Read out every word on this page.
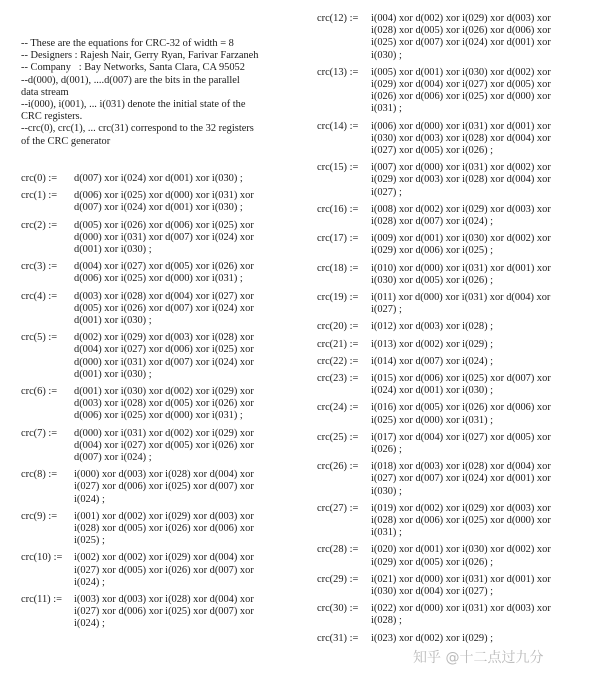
-- These are the equations for CRC-32 of width = 8

-- Designers : Rajesh Nair, Gerry Ryan, Farivar Farzaneh

-- Company   : Bay Networks, Santa Clara, CA 95052

--d(000), d(001), ....d(007) are the bits in the parallel

data stream

--i(000), i(001), ... i(031) denote the initial state of the

CRC registers.

--crc(0), crc(1), ... crc(31) correspond to the 32 registers

of the CRC generator

crc(0) :=	d(007) xor i(024) xor d(001) xor i(030) ;
crc(1) :=	d(006) xor i(025) xor d(000) xor i(031) xor
d(007) xor i(024) xor d(001) xor i(030) ;
crc(2) :=	d(005) xor i(026) xor d(006) xor i(025) xor
d(000) xor i(031) xor d(007) xor i(024) xor
d(001) xor i(030) ;
crc(3) :=	d(004) xor i(027) xor d(005) xor i(026) xor
d(006) xor i(025) xor d(000) xor i(031) ;
crc(4) :=	d(003) xor i(028) xor d(004) xor i(027) xor
d(005) xor i(026) xor d(007) xor i(024) xor
d(001) xor i(030) ;
crc(5) :=	d(002) xor i(029) xor d(003) xor i(028) xor
d(004) xor i(027) xor d(006) xor i(025) xor
d(000) xor i(031) xor d(007) xor i(024) xor
d(001) xor i(030) ;
crc(6) :=	d(001) xor i(030) xor d(002) xor i(029) xor
d(003) xor i(028) xor d(005) xor i(026) xor
d(006) xor i(025) xor d(000) xor i(031) ;
crc(7) :=	d(000) xor i(031) xor d(002) xor i(029) xor
d(004) xor i(027) xor d(005) xor i(026) xor
d(007) xor i(024) ;
crc(8) :=	i(000) xor d(003) xor i(028) xor d(004) xor
i(027) xor d(006) xor i(025) xor d(007) xor
i(024) ;
crc(9) :=	i(001) xor d(002) xor i(029) xor d(003) xor
i(028) xor d(005) xor i(026) xor d(006) xor
i(025) ;
crc(10) :=	i(002) xor d(002) xor i(029) xor d(004) xor
i(027) xor d(005) xor i(026) xor d(007) xor
i(024) ;
crc(11) :=	i(003) xor d(003) xor i(028) xor d(004) xor
i(027) xor d(006) xor i(025) xor d(007) xor
i(024) ;
crc(12) :=	i(004) xor d(002) xor i(029) xor d(003) xor
i(028) xor d(005) xor i(026) xor d(006) xor
i(025) xor d(007) xor i(024) xor d(001) xor
i(030) ;
crc(13) :=	i(005) xor d(001) xor i(030) xor d(002) xor
i(029) xor d(004) xor i(027) xor d(005) xor
i(026) xor d(006) xor i(025) xor d(000) xor
i(031) ;
crc(14) :=	i(006) xor d(000) xor i(031) xor d(001) xor
i(030) xor d(003) xor i(028) xor d(004) xor
i(027) xor d(005) xor i(026) ;
crc(15) :=	i(007) xor d(000) xor i(031) xor d(002) xor
i(029) xor d(003) xor i(028) xor d(004) xor
i(027) ;
crc(16) :=	i(008) xor d(002) xor i(029) xor d(003) xor
i(028) xor d(007) xor i(024) ;
crc(17) :=	i(009) xor d(001) xor i(030) xor d(002) xor
i(029) xor d(006) xor i(025) ;
crc(18) :=	i(010) xor d(000) xor i(031) xor d(001) xor
i(030) xor d(005) xor i(026) ;
crc(19) :=	i(011) xor d(000) xor i(031) xor d(004) xor
i(027) ;
crc(20) :=	i(012) xor d(003) xor i(028) ;
crc(21) :=	i(013) xor d(002) xor i(029) ;
crc(22) :=	i(014) xor d(007) xor i(024) ;
crc(23) :=	i(015) xor d(006) xor i(025) xor d(007) xor
i(024) xor d(001) xor i(030) ;
crc(24) :=	i(016) xor d(005) xor i(026) xor d(006) xor
i(025) xor d(000) xor i(031) ;
crc(25) :=	i(017) xor d(004) xor i(027) xor d(005) xor
i(026) ;
crc(26) :=	i(018) xor d(003) xor i(028) xor d(004) xor
i(027) xor d(007) xor i(024) xor d(001) xor
i(030) ;
crc(27) :=	i(019) xor d(002) xor i(029) xor d(003) xor
i(028) xor d(006) xor i(025) xor d(000) xor
i(031) ;
crc(28) :=	i(020) xor d(001) xor i(030) xor d(002) xor
i(029) xor d(005) xor i(026) ;
crc(29) :=	i(021) xor d(000) xor i(031) xor d(001) xor
i(030) xor d(004) xor i(027) ;
crc(30) :=	i(022) xor d(000) xor i(031) xor d(003) xor
i(028) ;
crc(31) :=	i(023) xor d(002) xor i(029) ;
知乎 @十二点过九分
